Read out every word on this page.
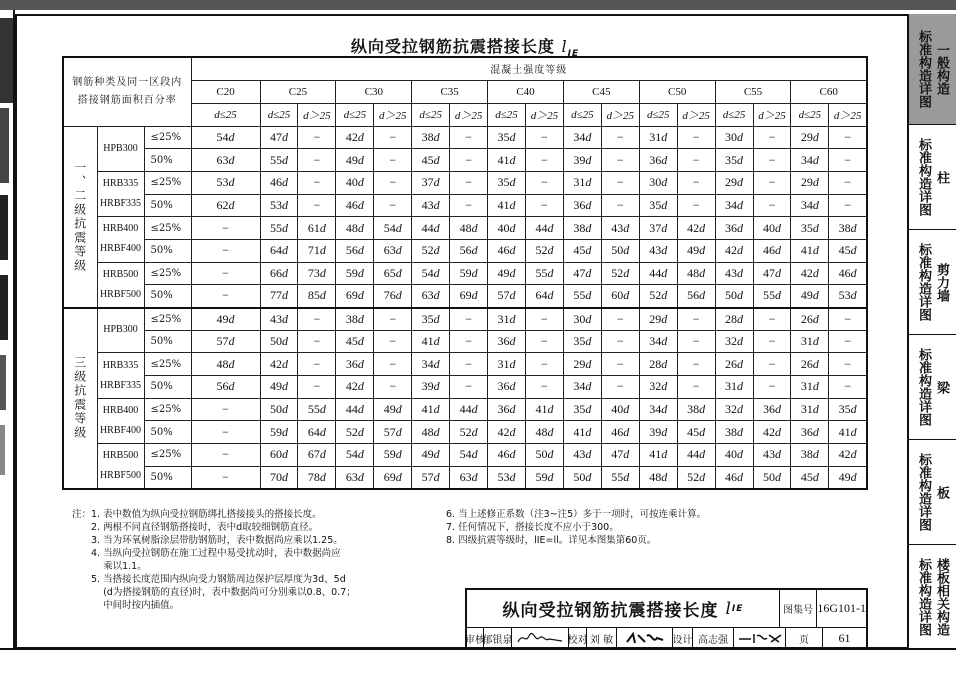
纵向受拉钢筋抗震搭接长度 $l_{IE}$
钢筋种类及同一区段内
搭接钢筋面积百分率			混凝土强度等级																
			C20	C25		C30		C35		C40		C45		C50		C55		C60	
			d≤25	d≤25	d＞25	d≤25	d＞25	d≤25	d＞25	d≤25	d＞25	d≤25	d＞25	d≤25	d＞25	d≤25	d＞25	d≤25	d＞25
一、二级抗震等级	HPB300	≤25%	54d	47d	−	42d	−	38d	−	35d	−	34d	−	31d	−	30d	−	29d	−
		50%	63d	55d	−	49d	−	45d	−	41d	−	39d	−	36d	−	35d	−	34d	−
	HRB335 HRBF335	≤25%	53d	46d	−	40d	−	37d	−	35d	−	31d	−	30d	−	29d	−	29d	−
		50%	62d	53d	−	46d	−	43d	−	41d	−	36d	−	35d	−	34d	−	34d	−
	HRB400 HRBF400	≤25%	−	55d	61d	48d	54d	44d	48d	40d	44d	38d	43d	37d	42d	36d	40d	35d	38d
		50%	−	64d	71d	56d	63d	52d	56d	46d	52d	45d	50d	43d	49d	42d	46d	41d	45d
	HRB500 HRBF500	≤25%	−	66d	73d	59d	65d	54d	59d	49d	55d	47d	52d	44d	48d	43d	47d	42d	46d
		50%	−	77d	85d	69d	76d	63d	69d	57d	64d	55d	60d	52d	56d	50d	55d	49d	53d
三级抗震等级	HPB300	≤25%	49d	43d	−	38d	−	35d	−	31d	−	30d	−	29d	−	28d	−	26d	−
		50%	57d	50d	−	45d	−	41d	−	36d	−	35d	−	34d	−	32d	−	31d	−
	HRB335 HRBF335	≤25%	48d	42d	−	36d	−	34d	−	31d	−	29d	−	28d	−	26d	−	26d	−
		50%	56d	49d	−	42d	−	39d	−	36d	−	34d	−	32d	−	31d	−	31d	−
	HRB400 HRBF400	≤25%	−	50d	55d	44d	49d	41d	44d	36d	41d	35d	40d	34d	38d	32d	36d	31d	35d
		50%	−	59d	64d	52d	57d	48d	52d	42d	48d	41d	46d	39d	45d	38d	42d	36d	41d
	HRB500 HRBF500	≤25%	−	60d	67d	54d	59d	49d	54d	46d	50d	43d	47d	41d	44d	40d	43d	38d	42d
		50%	−	70d	78d	63d	69d	57d	63d	53d	59d	50d	55d	48d	52d	46d	50d	45d	49d
注： 1. 表中数值为纵向受拉钢筋绑扎搭接接头的搭接长度。
2. 两根不同直径钢筋搭接时，表中d取较细钢筋直径。
3. 当为环氧树脂涂层带肋钢筋时，表中数据尚应乘以1.25。
4. 当纵向受拉钢筋在施工过程中易受扰动时，表中数据尚应
乘以1.1。
5. 当搭接长度范围内纵向受力钢筋周边保护层厚度为3d、5d
(d为搭接钢筋的直径)时，表中数据尚可分别乘以0.8、0.7；
中间时按内插值。
6. 当上述修正系数（注3~注5）多于一项时，可按连乘计算。
7. 任何情况下，搭接长度不应小于300。
8. 四级抗震等级时，lIE=ll。详见本图集第60页。
纵向受拉钢筋抗震搭接长度
l IE	图集号 16G101-1
审核
郁银泉	校对 刘 敏	设计 高志强	页	61
标准构造详图 一般构造
标准构造详图 柱
标准构造详图 剪力墙
标准构造详图 梁
标准构造详图 板
标准构造详图 楼板相关构造
